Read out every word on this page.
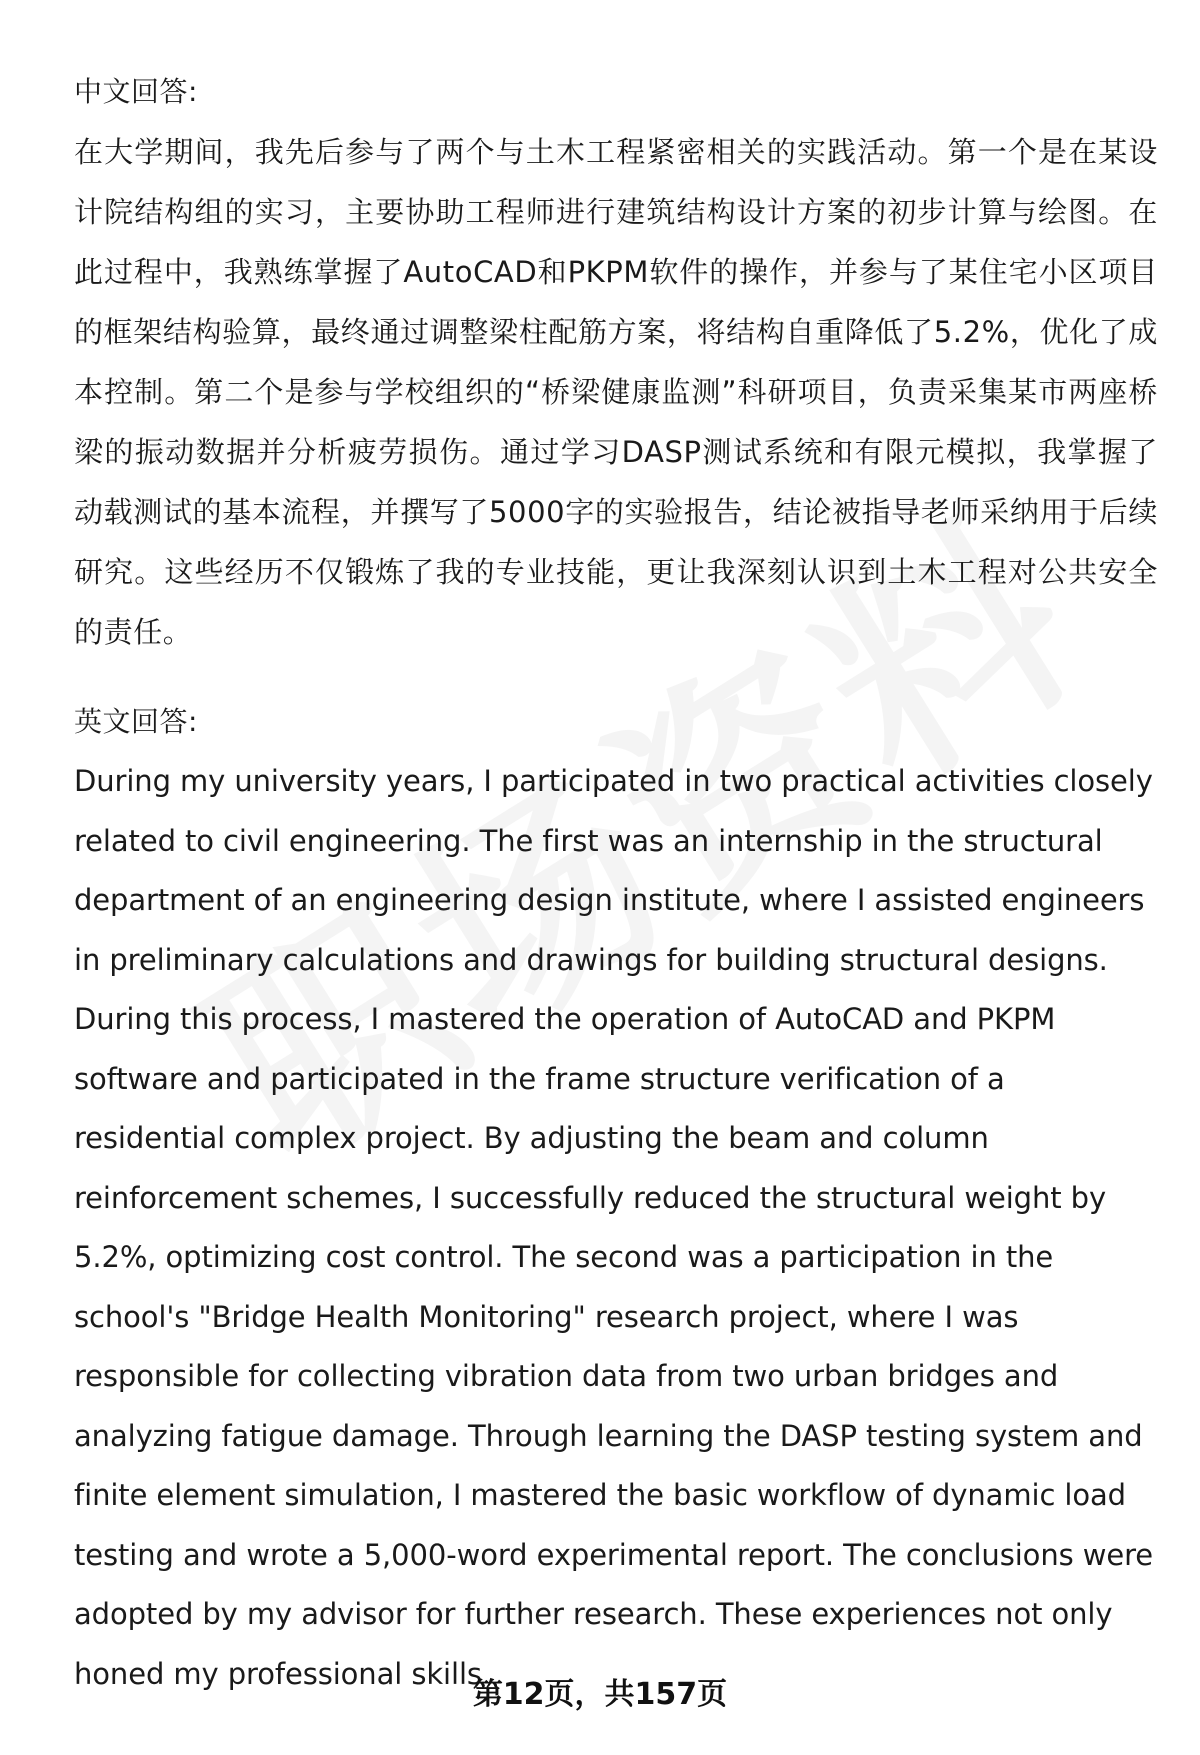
中文回答:

在大学期间，我先后参与了两个与土木工程紧密相关的实践活动。第一个是在某设计院结构组的实习，主要协助工程师进行建筑结构设计方案的初步计算与绘图。在此过程中，我熟练掌握了AutoCAD和PKPM软件的操作，并参与了某住宅小区项目的框架结构验算，最终通过调整梁柱配筋方案，将结构自重降低了5.2%，优化了成本控制。第二个是参与学校组织的“桥梁健康监测”科研项目，负责采集某市两座桥梁的振动数据并分析疲劳损伤。通过学习DASP测试系统和有限元模拟，我掌握了动载测试的基本流程，并撰写了5000字的实验报告，结论被指导老师采纳用于后续研究。这些经历不仅锻炼了我的专业技能，更让我深刻认识到土木工程对公共安全的责任。

英文回答:

During my university years, I participated in two practical activities closely related to civil engineering. The first was an internship in the structural department of an engineering design institute, where I assisted engineers in preliminary calculations and drawings for building structural designs. During this process, I mastered the operation of AutoCAD and PKPM software and participated in the frame structure verification of a residential complex project. By adjusting the beam and column reinforcement schemes, I successfully reduced the structural weight by 5.2%, optimizing cost control. The second was a participation in the school's "Bridge Health Monitoring" research project, where I was responsible for collecting vibration data from two urban bridges and analyzing fatigue damage. Through learning the DASP testing system and finite element simulation, I mastered the basic workflow of dynamic load testing and wrote a 5,000-word experimental report. The conclusions were adopted by my advisor for further research. These experiences not only honed my professional skills

第12页，共157页
